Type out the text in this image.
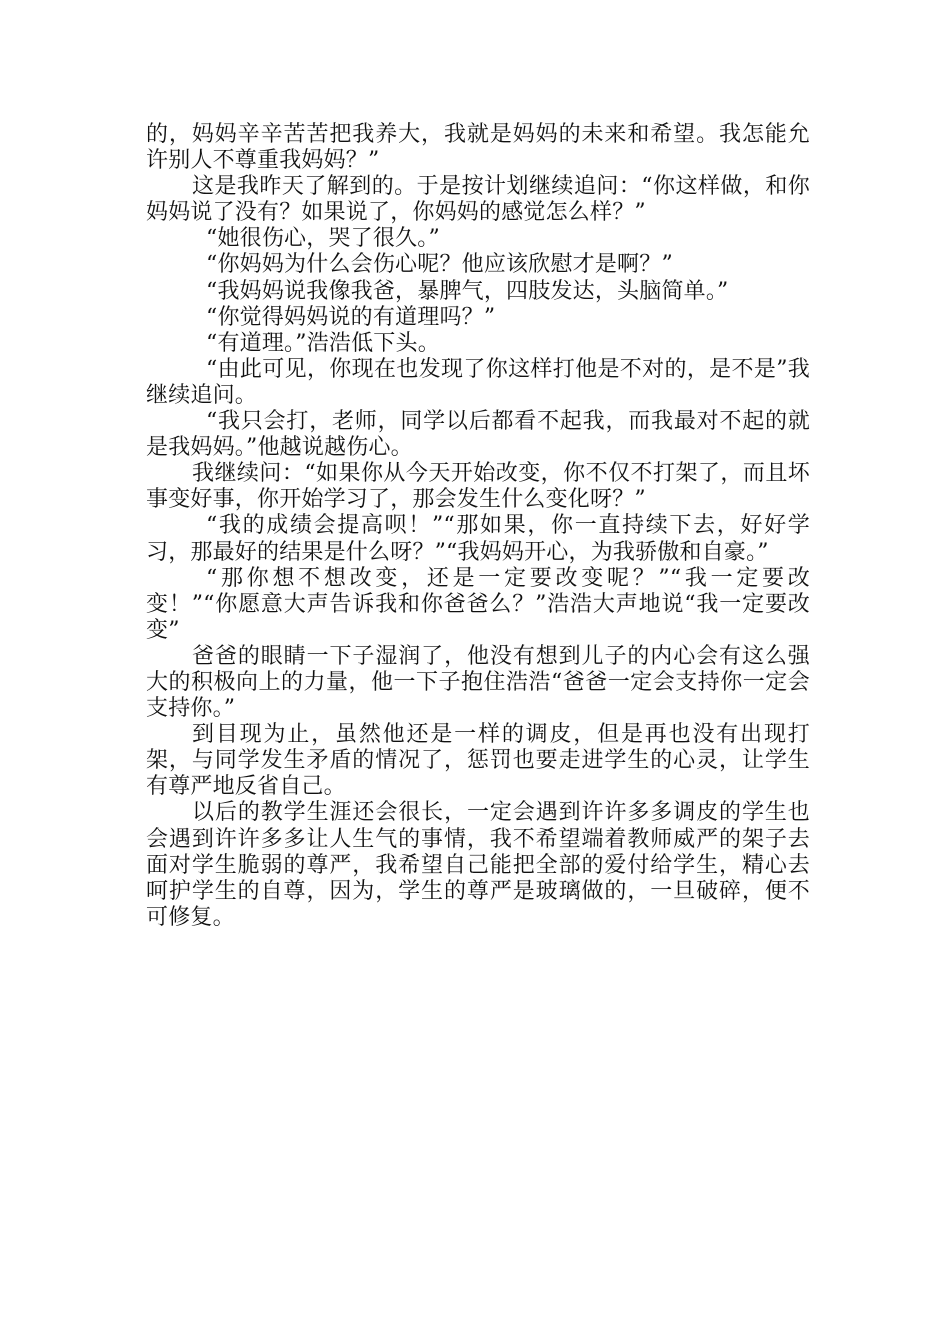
的，妈妈辛辛苦苦把我养大，我就是妈妈的未来和希望。我怎能允许别人不尊重我妈妈？”

这是我昨天了解到的。于是按计划继续追问：“你这样做，和你妈妈说了没有？如果说了，你妈妈的感觉怎么样？”

“她很伤心，哭了很久。”

“你妈妈为什么会伤心呢？他应该欣慰才是啊？”

“我妈妈说我像我爸，暴脾气，四肢发达，头脑简单。”

“你觉得妈妈说的有道理吗？”

“有道理。”浩浩低下头。

“由此可见，你现在也发现了你这样打他是不对的，是不是”我继续追问。

“我只会打，老师，同学以后都看不起我，而我最对不起的就是我妈妈。”他越说越伤心。

我继续问：“如果你从今天开始改变，你不仅不打架了，而且坏事变好事，你开始学习了，那会发生什么变化呀？”

“我的成绩会提高呗！”“那如果，你一直持续下去，好好学习，那最好的结果是什么呀？”“我妈妈开心，为我骄傲和自豪。”

“那你想不想改变，还是一定要改变呢？”“我一定要改变！”“你愿意大声告诉我和你爸爸么？”浩浩大声地说“我一定要改变”

爸爸的眼睛一下子湿润了，他没有想到儿子的内心会有这么强大的积极向上的力量，他一下子抱住浩浩“爸爸一定会支持你一定会支持你。”

到目现为止，虽然他还是一样的调皮，但是再也没有出现打架，与同学发生矛盾的情况了，惩罚也要走进学生的心灵，让学生有尊严地反省自己。

以后的教学生涯还会很长，一定会遇到许许多多调皮的学生也会遇到许许多多让人生气的事情，我不希望端着教师威严的架子去面对学生脆弱的尊严，我希望自己能把全部的爱付给学生，精心去呵护学生的自尊，因为，学生的尊严是玻璃做的，一旦破碎，便不可修复。
